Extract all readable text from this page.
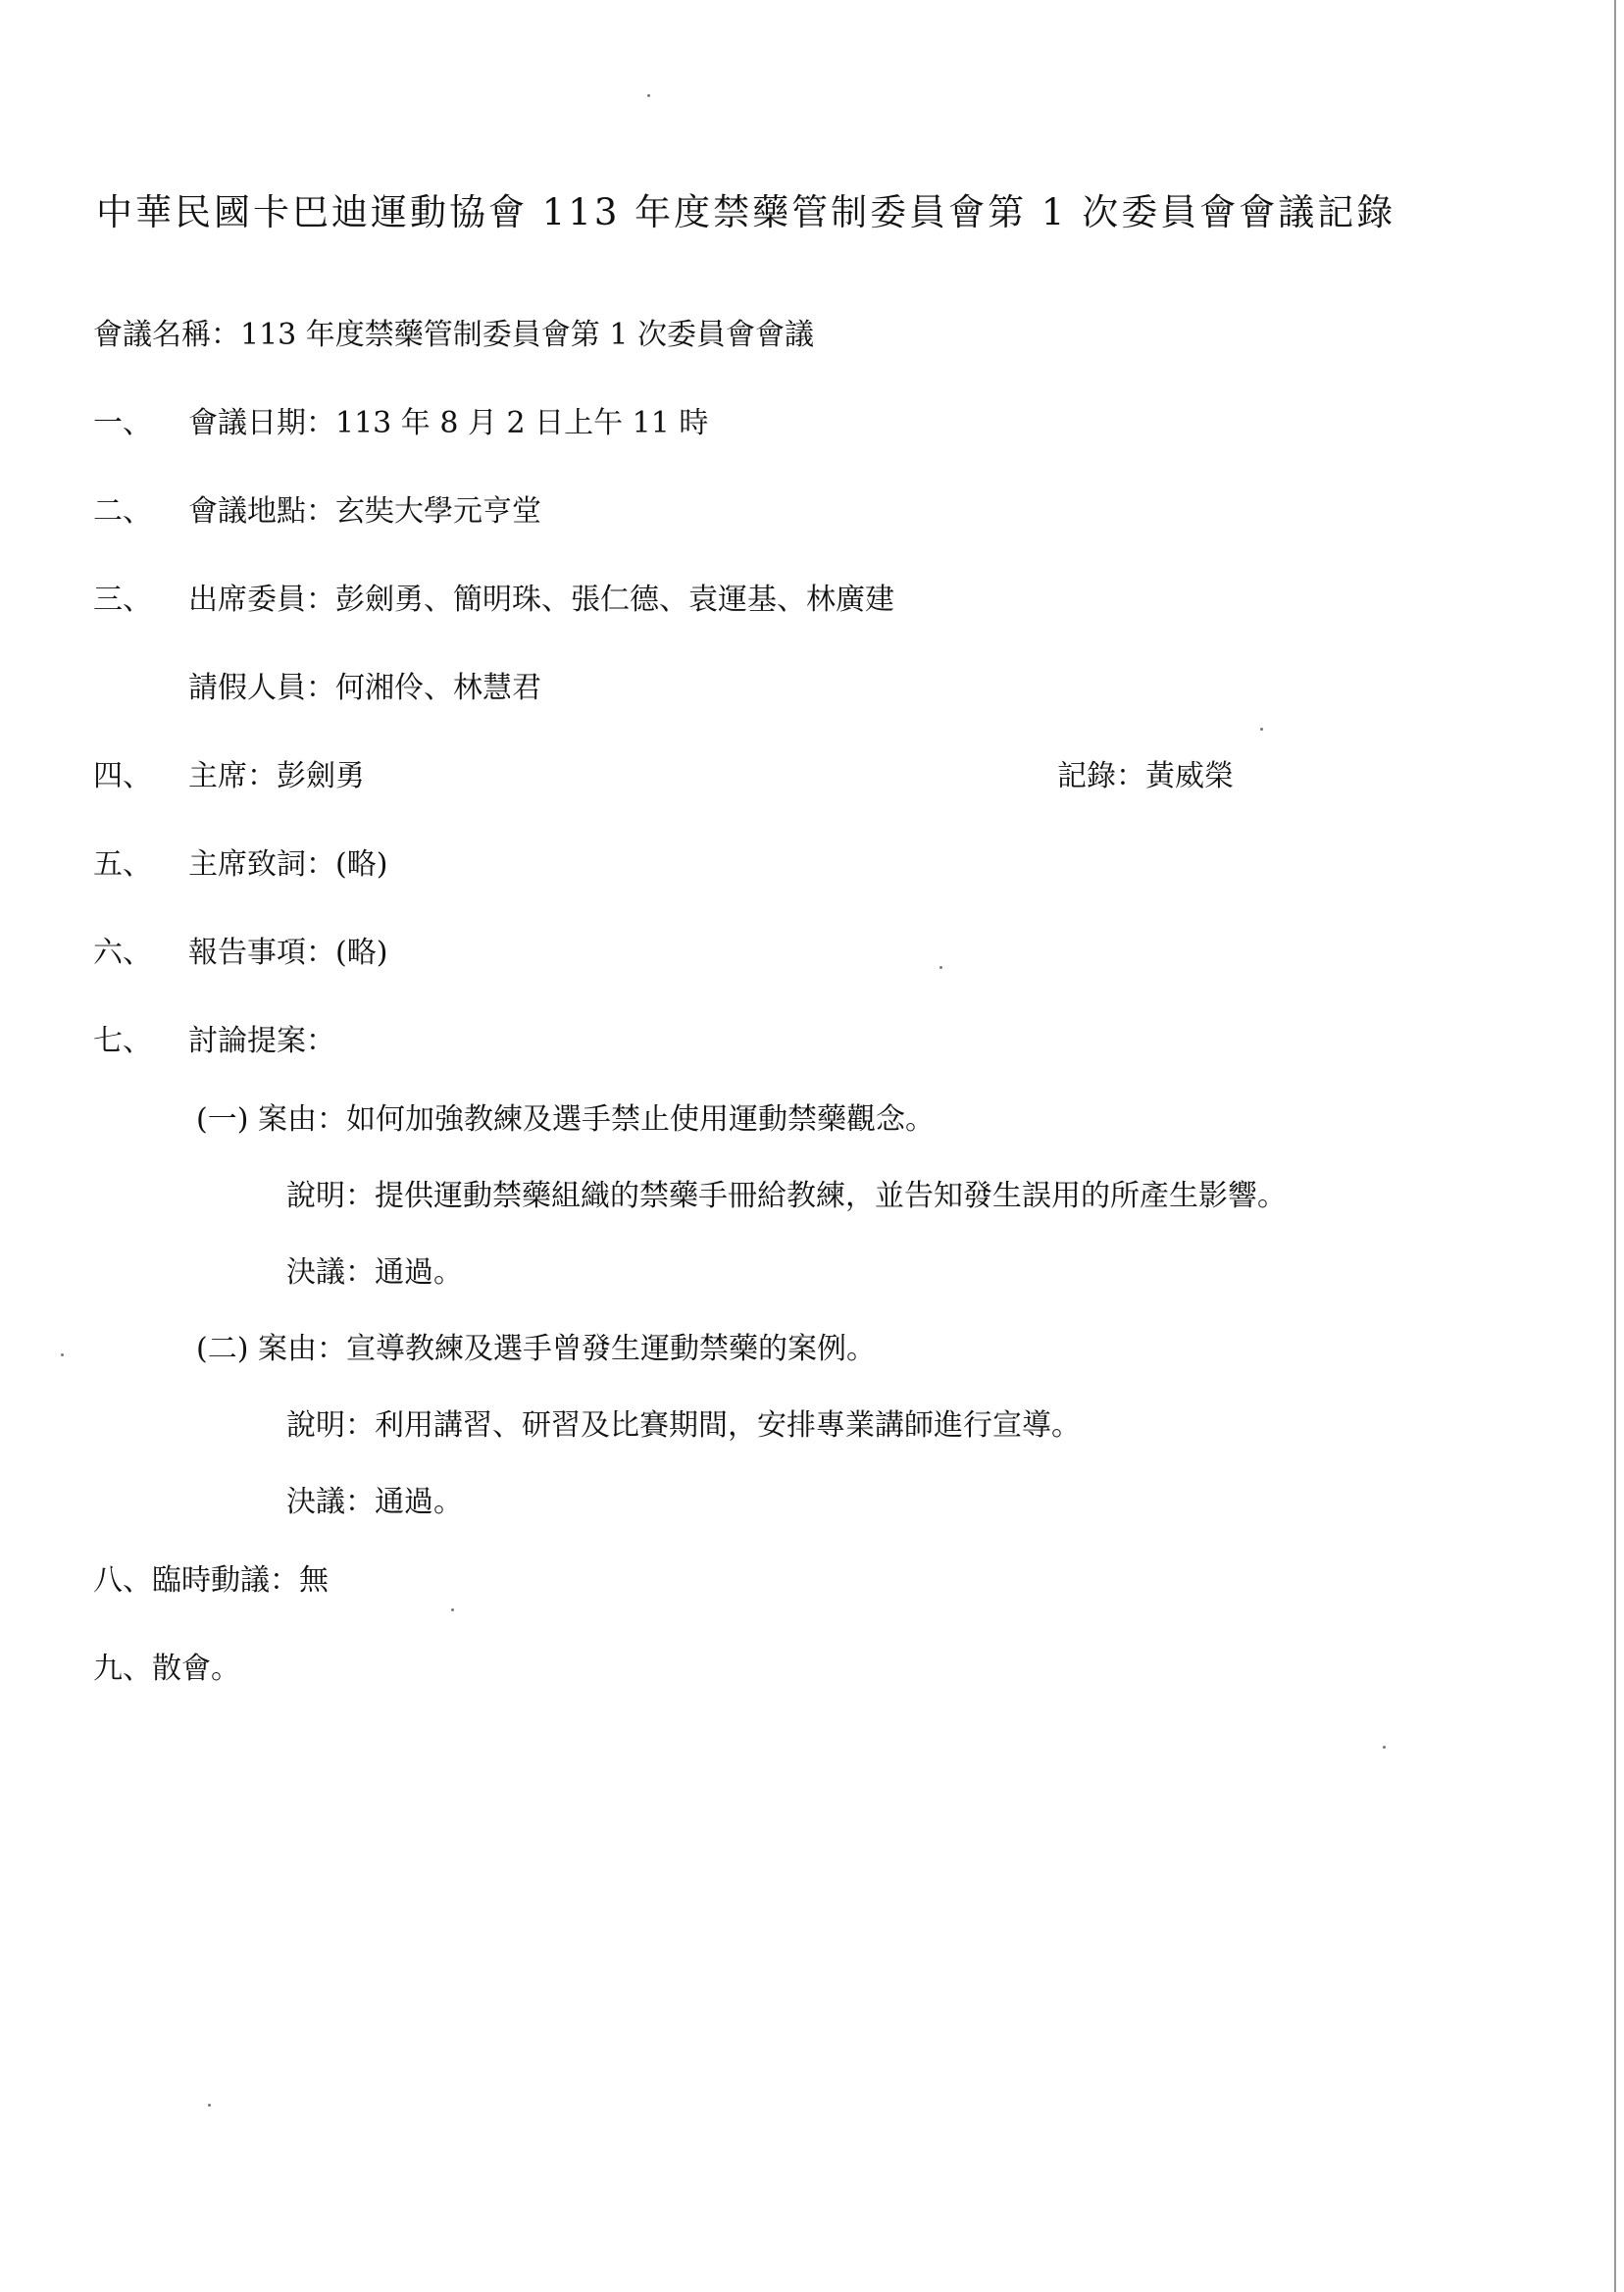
中華民國卡巴迪運動協會 113 年度禁藥管制委員會第 1 次委員會會議記錄
會議名稱：113 年度禁藥管制委員會第 1 次委員會會議
一、 會議日期：113 年 8 月 2 日上午 11 時
二、 會議地點：玄奘大學元亨堂
三、 出席委員：彭劍勇、簡明珠、張仁德、袁運基、林廣建
請假人員：何湘伶、林慧君
四、 主席：彭劍勇	記錄：黃威榮
五、 主席致詞：(略)
六、 報告事項：(略)
七、 討論提案：
(一) 案由：如何加強教練及選手禁止使用運動禁藥觀念。
說明：提供運動禁藥組織的禁藥手冊給教練，並告知發生誤用的所產生影響。
決議：通過。
(二) 案由：宣導教練及選手曾發生運動禁藥的案例。
說明：利用講習、研習及比賽期間，安排專業講師進行宣導。
決議：通過。
八、臨時動議：無
九、散會。
